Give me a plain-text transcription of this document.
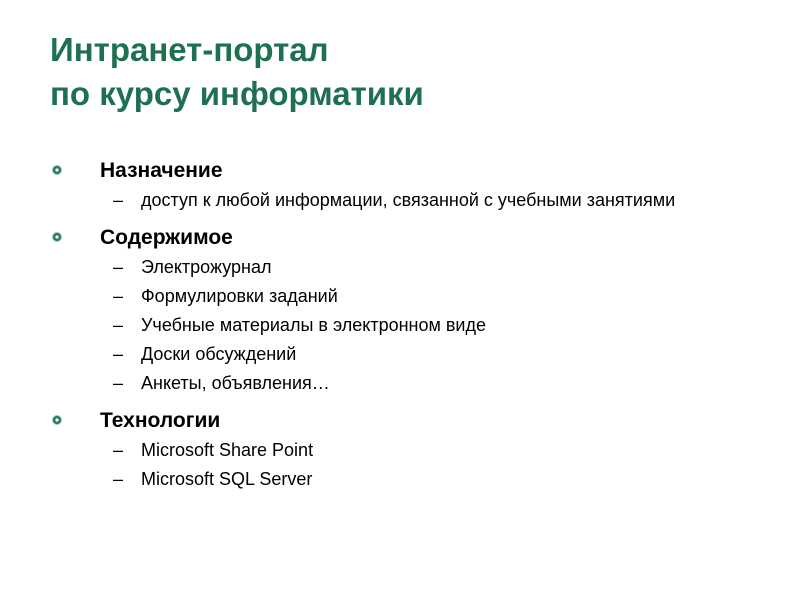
Интранет-портал
по курсу информатики
Назначение
– доступ к любой информации, связанной с учебными занятиями
Содержимое
– Электрожурнал
– Формулировки заданий
– Учебные материалы в электронном виде
– Доски обсуждений
– Анкеты, объявления…
Технологии
– Microsoft Share Point
– Microsoft SQL Server
